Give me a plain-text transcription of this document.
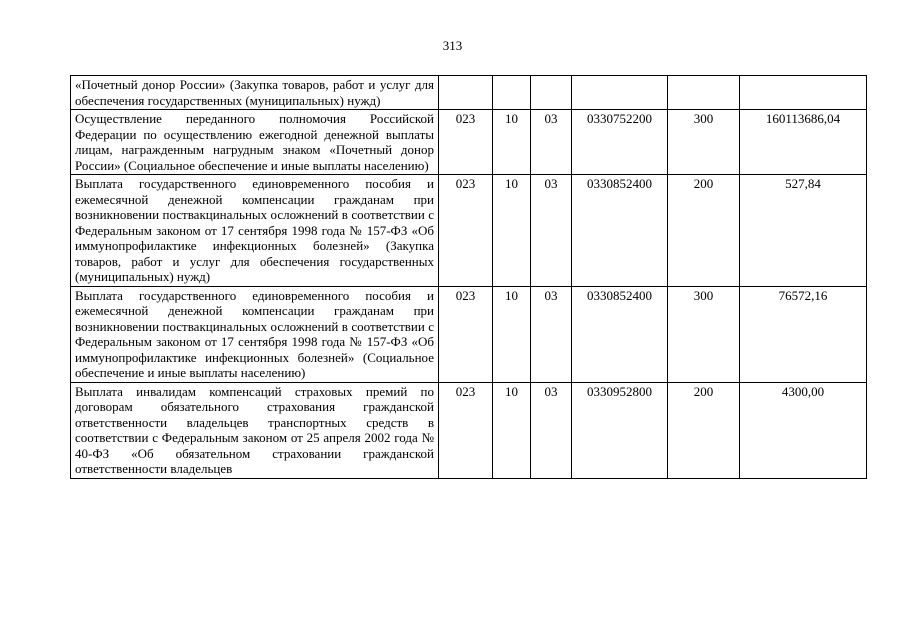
313
«Почетный донор России» (Закупка товаров, работ и услуг для обеспечения государственных (муниципальных) нужд)						
Осуществление переданного полномочия Российской Федерации по осуществлению ежегодной денежной выплаты лицам, награжденным нагрудным знаком «Почетный донор России» (Социальное обеспечение и иные выплаты населению)	023	10	03	0330752200	300	160113686,04
Выплата государственного единовременного пособия и ежемесячной денежной компенсации гражданам при возникновении поствакцинальных осложнений в соответствии с Федеральным законом от 17 сентября 1998 года № 157-ФЗ «Об иммунопрофилактике инфекционных болезней» (Закупка товаров, работ и услуг для обеспечения государственных (муниципальных) нужд)	023	10	03	0330852400	200	527,84
Выплата государственного единовременного пособия и ежемесячной денежной компенсации гражданам при возникновении поствакцинальных осложнений в соответствии с Федеральным законом от 17 сентября 1998 года № 157-ФЗ «Об иммунопрофилактике инфекционных болезней» (Социальное обеспечение и иные выплаты населению)	023	10	03	0330852400	300	76572,16
Выплата инвалидам компенсаций страховых премий по договорам обязательного страхования гражданской ответственности владельцев транспортных средств в соответствии с Федеральным законом от 25 апреля 2002 года № 40-ФЗ «Об обязательном страховании гражданской ответственности владельцев	023	10	03	0330952800	200	4300,00
